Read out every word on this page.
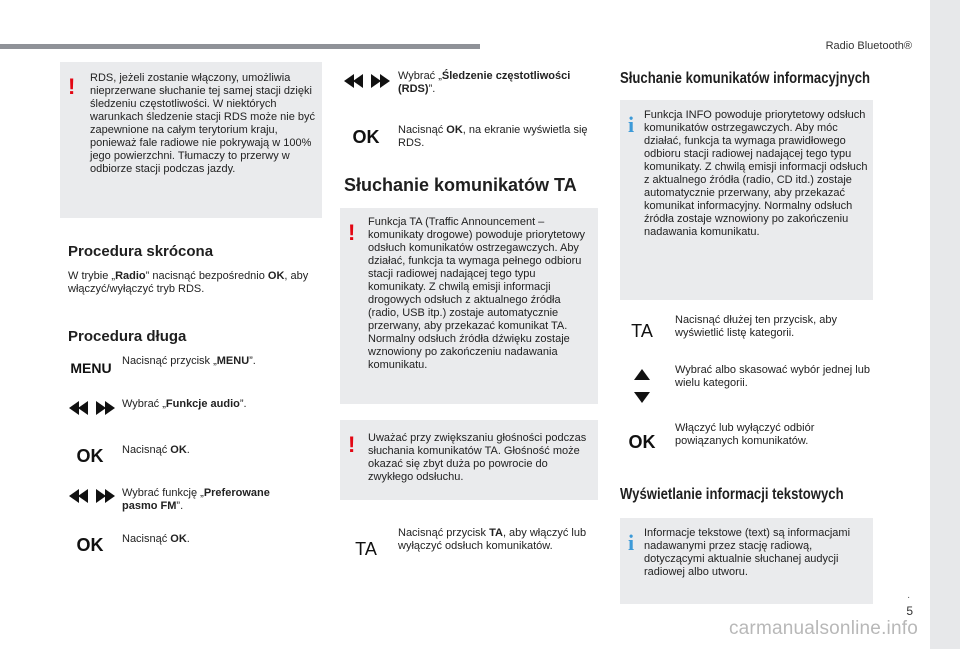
Radio Bluetooth®
.
5
carmanualsonline.info
! RDS, jeżeli zostanie włączony, umożliwia nieprzerwane słuchanie tej samej stacji dzięki śledzeniu częstotliwości. W niektórych warunkach śledzenie stacji RDS może nie być zapewnione na całym terytorium kraju, ponieważ fale radiowe nie pokrywają w 100% jego powierzchni. Tłumaczy to przerwy w odbiorze stacji podczas jazdy.

Procedura skrócona
W trybie „Radio” nacisnąć bezpośrednio OK, aby włączyć/wyłączyć tryb RDS.
Procedura długa
MENU Nacisnąć przycisk „MENU”.
Wybrać „Funkcje audio”.
OK	Nacisnąć OK.
Wybrać funkcję „Preferowane pasmo FM”.
OK	Nacisnąć OK.
Wybrać „Śledzenie częstotliwości (RDS)”.
OK	Nacisnąć OK, na ekranie wyświetla się RDS.
Słuchanie komunikatów TA
! Funkcja TA (Traffic Announcement – komunikaty drogowe) powoduje priorytetowy odsłuch komunikatów ostrzegawczych. Aby działać, funkcja ta wymaga pełnego odbioru stacji radiowej nadającej tego typu komunikaty. Z chwilą emisji informacji drogowych odsłuch z aktualnego źródła (radio, USB itp.) zostaje automatycznie przerwany, aby przekazać komunikat TA. Normalny odsłuch źródła dźwięku zostaje wznowiony po zakończeniu nadawania komunikatu.

! Uważać przy zwiększaniu głośności podczas słuchania komunikatów TA. Głośność może okazać się zbyt duża po powrocie do zwykłego odsłuchu.

TA
Nacisnąć przycisk TA, aby włączyć lub wyłączyć odsłuch komunikatów.
Słuchanie komunikatów informacyjnych
i Funkcja INFO powoduje priorytetowy odsłuch komunikatów ostrzegawczych. Aby móc działać, funkcja ta wymaga prawidłowego odbioru stacji radiowej nadającej tego typu komunikaty. Z chwilą emisji informacji odsłuch z aktualnego źródła (radio, CD itd.) zostaje automatycznie przerwany, aby przekazać komunikat informacyjny. Normalny odsłuch źródła zostaje wznowiony po zakończeniu nadawania komunikatu.

TA
Nacisnąć dłużej ten przycisk, aby wyświetlić listę kategorii.
Wybrać albo skasować wybór jednej lub wielu kategorii.
OK
Włączyć lub wyłączyć odbiór powiązanych komunikatów.
Wyświetlanie informacji tekstowych
i Informacje tekstowe (text) są informacjami nadawanymi przez stację radiową, dotyczącymi aktualnie słuchanej audycji radiowej albo utworu.
